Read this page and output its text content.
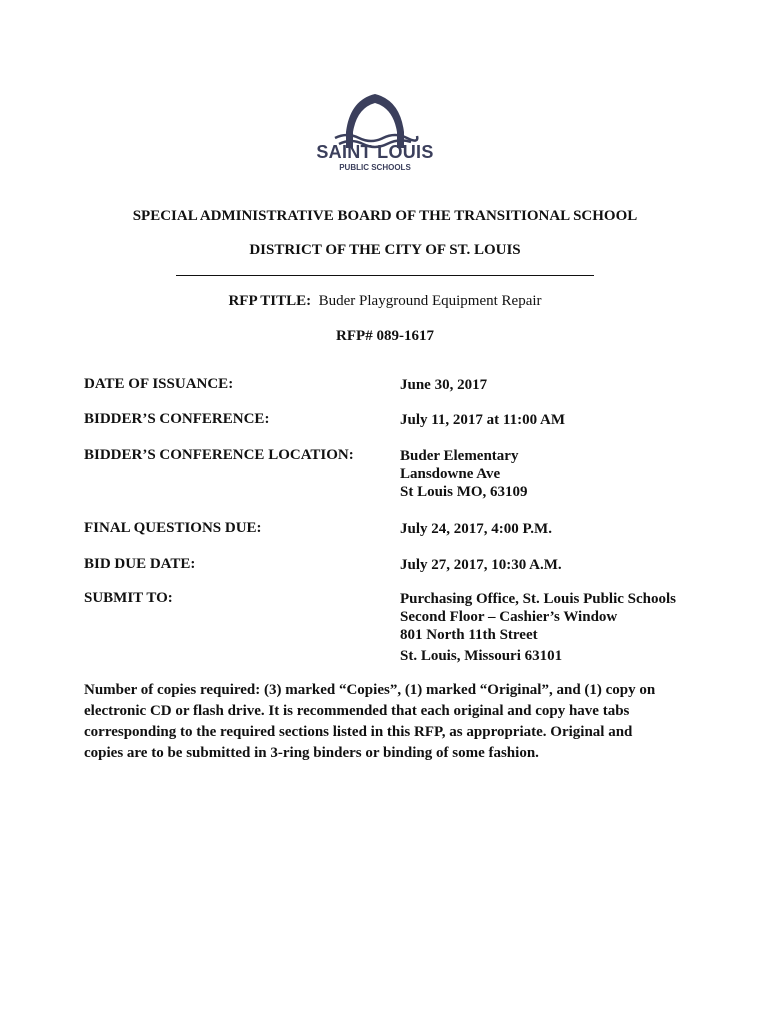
SAINT LOUIS
PUBLIC SCHOOLS
SPECIAL ADMINISTRATIVE BOARD OF THE TRANSITIONAL SCHOOL
DISTRICT OF THE CITY OF ST. LOUIS
RFP TITLE: Buder Playground Equipment Repair
RFP# 089-1617
DATE OF ISSUANCE:	June 30, 2017
BIDDER’S CONFERENCE:	July 11, 2017 at 11:00 AM
BIDDER’S CONFERENCE LOCATION:	Buder Elementary
Lansdowne Ave
St Louis MO, 63109
FINAL QUESTIONS DUE:	July 24, 2017, 4:00 P.M.
BID DUE DATE:	July 27, 2017, 10:30 A.M.
SUBMIT TO:	Purchasing Office, St. Louis Public Schools
Second Floor – Cashier’s Window
801 North 11th Street
St. Louis, Missouri 63101
Number of copies required: (3) marked “Copies”, (1) marked “Original”, and (1) copy on
electronic CD or flash drive. It is recommended that each original and copy have tabs
corresponding to the required sections listed in this RFP, as appropriate. Original and
copies are to be submitted in 3-ring binders or binding of some fashion.
